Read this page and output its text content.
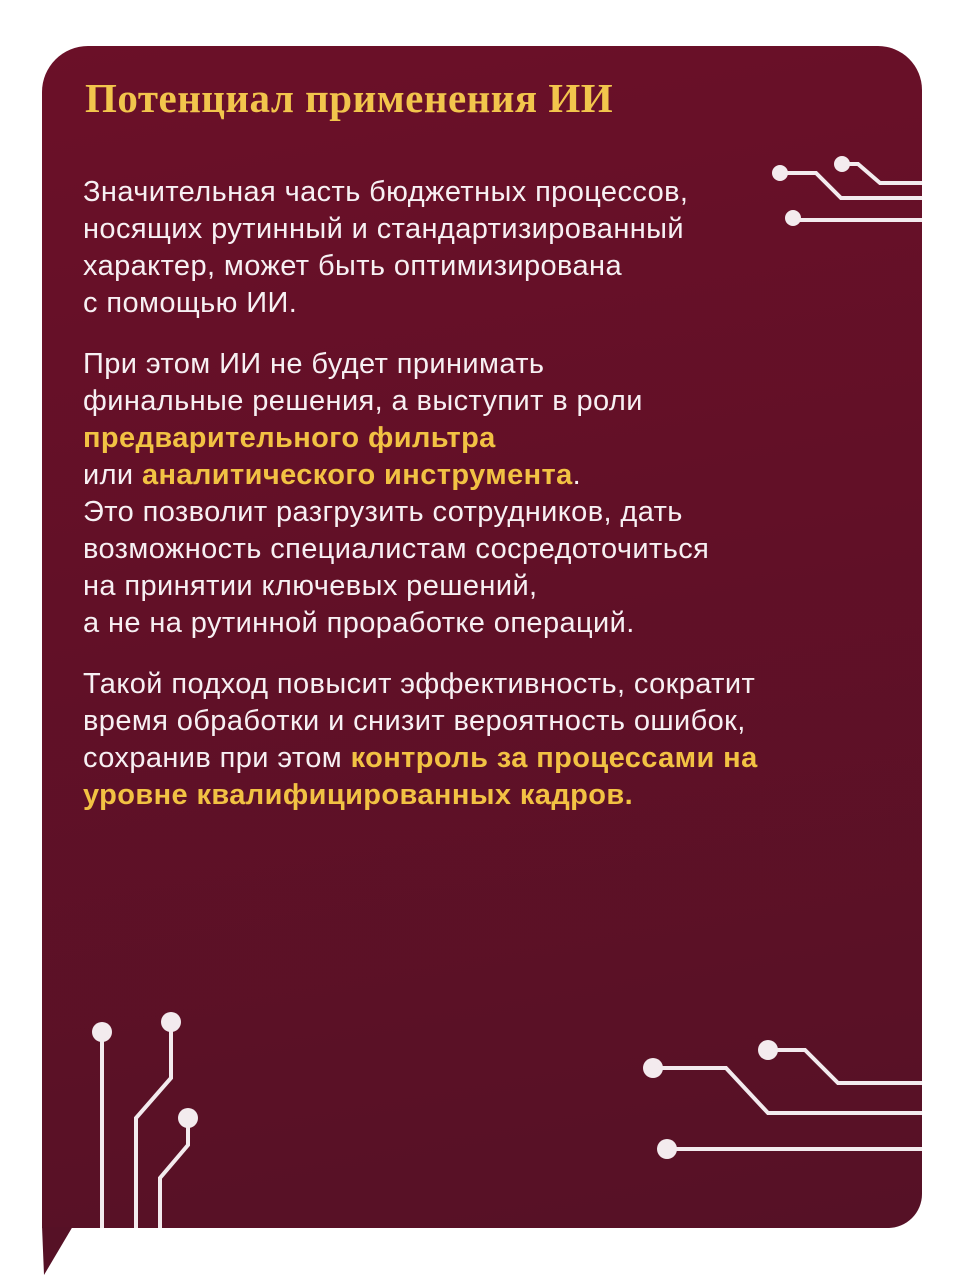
Потенциал применения ИИ

Значительная часть бюджетных процессов,
носящих рутинный и стандартизированный
характер, может быть оптимизирована
с помощью ИИ.

При этом ИИ не будет принимать
финальные решения, а выступит в роли
предварительного фильтра
или аналитического инструмента.
Это позволит разгрузить сотрудников, дать
возможность специалистам сосредоточиться
на принятии ключевых решений,
а не на рутинной проработке операций.

Такой подход повысит эффективность, сократит
время обработки и снизит вероятность ошибок,
сохранив при этом контроль за процессами на
уровне квалифицированных кадров.
